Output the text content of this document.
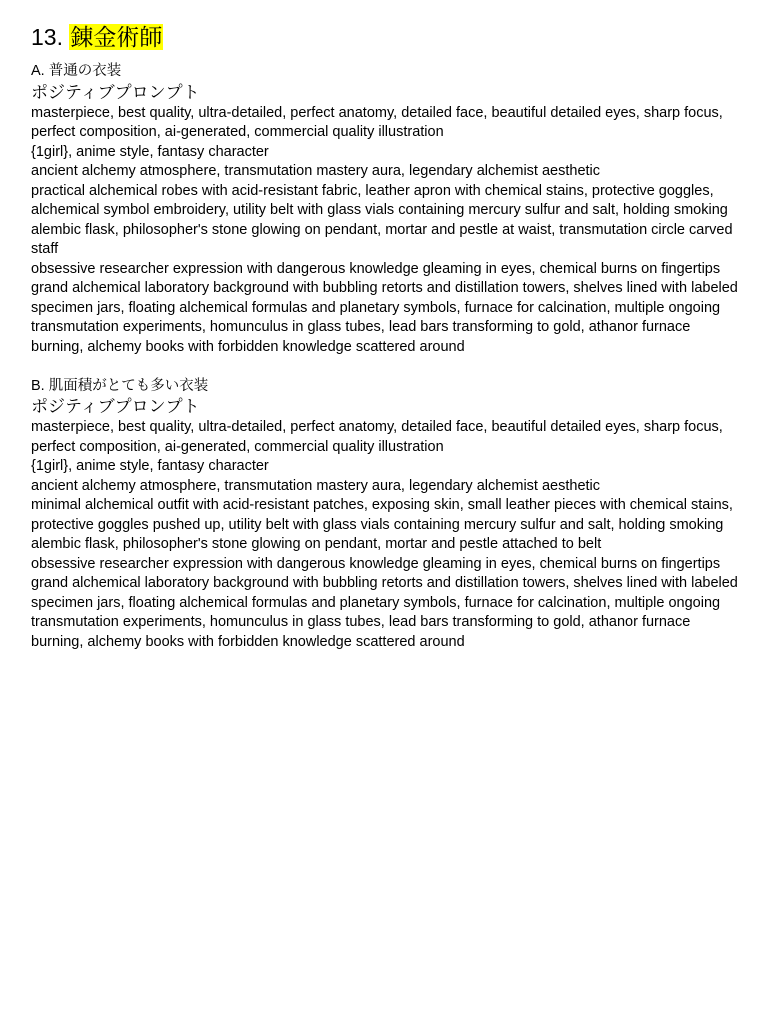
13. 錬金術師
A. 普通の衣装
ポジティブプロンプト

masterpiece, best quality, ultra-detailed, perfect anatomy, detailed face, beautiful detailed eyes, sharp focus, perfect composition, ai-generated, commercial quality illustration

{1girl}, anime style, fantasy character

ancient alchemy atmosphere, transmutation mastery aura, legendary alchemist aesthetic

practical alchemical robes with acid-resistant fabric, leather apron with chemical stains, protective goggles, alchemical symbol embroidery, utility belt with glass vials containing mercury sulfur and salt, holding smoking alembic flask, philosopher's stone glowing on pendant, mortar and pestle at waist, transmutation circle carved staff

obsessive researcher expression with dangerous knowledge gleaming in eyes, chemical burns on fingertips

grand alchemical laboratory background with bubbling retorts and distillation towers, shelves lined with labeled specimen jars, floating alchemical formulas and planetary symbols, furnace for calcination, multiple ongoing transmutation experiments, homunculus in glass tubes, lead bars transforming to gold, athanor furnace burning, alchemy books with forbidden knowledge scattered around

B. 肌面積がとても多い衣装
ポジティブプロンプト

masterpiece, best quality, ultra-detailed, perfect anatomy, detailed face, beautiful detailed eyes, sharp focus, perfect composition, ai-generated, commercial quality illustration

{1girl}, anime style, fantasy character

ancient alchemy atmosphere, transmutation mastery aura, legendary alchemist aesthetic

minimal alchemical outfit with acid-resistant patches, exposing skin, small leather pieces with chemical stains, protective goggles pushed up, utility belt with glass vials containing mercury sulfur and salt, holding smoking alembic flask, philosopher's stone glowing on pendant, mortar and pestle attached to belt

obsessive researcher expression with dangerous knowledge gleaming in eyes, chemical burns on fingertips

grand alchemical laboratory background with bubbling retorts and distillation towers, shelves lined with labeled specimen jars, floating alchemical formulas and planetary symbols, furnace for calcination, multiple ongoing transmutation experiments, homunculus in glass tubes, lead bars transforming to gold, athanor furnace burning, alchemy books with forbidden knowledge scattered around
